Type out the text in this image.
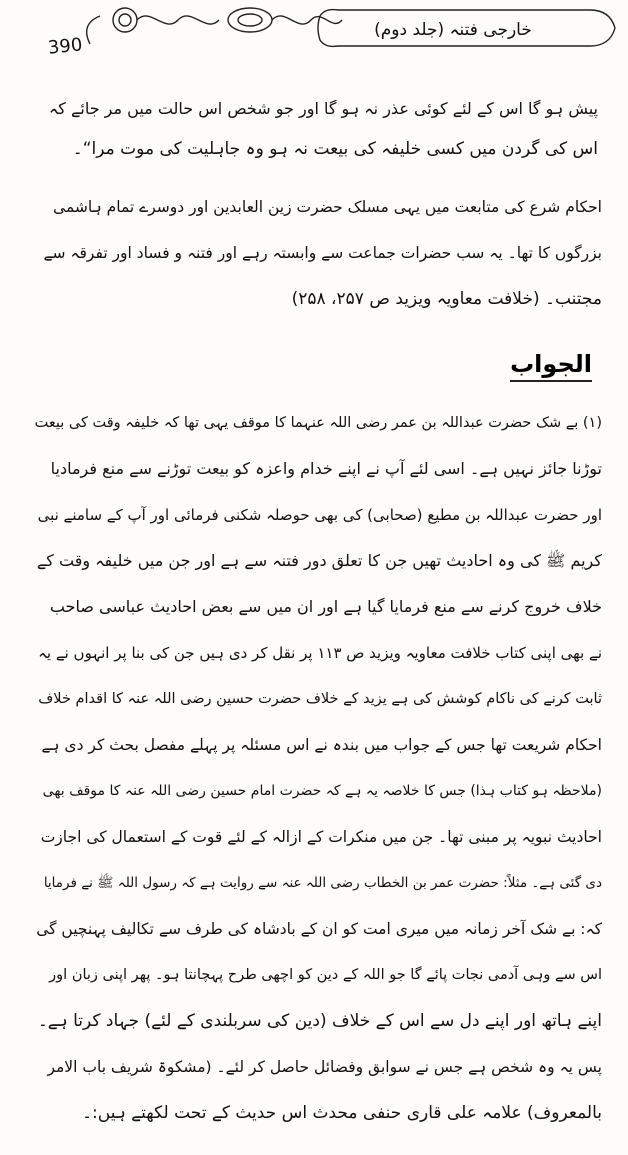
خارجی فتنہ (جلد دوم)
390
پیش ہو گا اس کے لئے کوئی عذر نہ ہو گا اور جو شخص اس حالت میں مر جائے کہ
اس کی گردن میں کسی خلیفہ کی بیعت نہ ہو وہ جاہلیت کی موت مرا“۔
احکام شرع کی متابعت میں یہی مسلک حضرت زین العابدین اور دوسرے تمام ہاشمی
بزرگوں کا تھا۔ یہ سب حضرات جماعت سے وابستہ رہے اور فتنہ و فساد اور تفرقہ سے
مجتنب۔ (خلافت معاویہ ویزید ص ۲۵۷، ۲۵۸)
الجواب
(۱) بے شک حضرت عبداللہ بن عمر رضی اللہ عنہما کا موقف یہی تھا کہ خلیفہ وقت کی بیعت
توڑنا جائز نہیں ہے۔ اسی لئے آپ نے اپنے خدام واعزہ کو بیعت توڑنے سے منع فرمادیا
اور حضرت عبداللہ بن مطیع (صحابی) کی بھی حوصلہ شکنی فرمائی اور آپ کے سامنے نبی
کریم ﷺ کی وہ احادیث تھیں جن کا تعلق دور فتنہ سے ہے اور جن میں خلیفہ وقت کے
خلاف خروج کرنے سے منع فرمایا گیا ہے اور ان میں سے بعض احادیث عباسی صاحب
نے بھی اپنی کتاب خلافت معاویہ ویزید ص ۱۱۳ پر نقل کر دی ہیں جن کی بنا پر انہوں نے یہ
ثابت کرنے کی ناکام کوشش کی ہے یزید کے خلاف حضرت حسین رضی اللہ عنہ کا اقدام خلاف
احکام شریعت تھا جس کے جواب میں بندہ نے اس مسئلہ پر پہلے مفصل بحث کر دی ہے
(ملاحظہ ہو کتاب ہذا) جس کا خلاصہ یہ ہے کہ حضرت امام حسین رضی اللہ عنہ کا موقف بھی
احادیث نبویہ پر مبنی تھا۔ جن میں منکرات کے ازالہ کے لئے قوت کے استعمال کی اجازت
دی گئی ہے۔ مثلاً: حضرت عمر بن الخطاب رضی اللہ عنہ سے روایت ہے کہ رسول اللہ ﷺ نے فرمایا
کہ: بے شک آخر زمانہ میں میری امت کو ان کے بادشاہ کی طرف سے تکالیف پہنچیں گی
اس سے وہی آدمی نجات پائے گا جو اللہ کے دین کو اچھی طرح پہچانتا ہو۔ پھر اپنی زبان اور
اپنے ہاتھ اور اپنے دل سے اس کے خلاف (دین کی سربلندی کے لئے) جہاد کرتا ہے۔
پس یہ وہ شخص ہے جس نے سوابق وفضائل حاصل کر لئے۔ (مشکوۃ شریف باب الامر
بالمعروف) علامہ علی قاری حنفی محدث اس حدیث کے تحت لکھتے ہیں:۔
